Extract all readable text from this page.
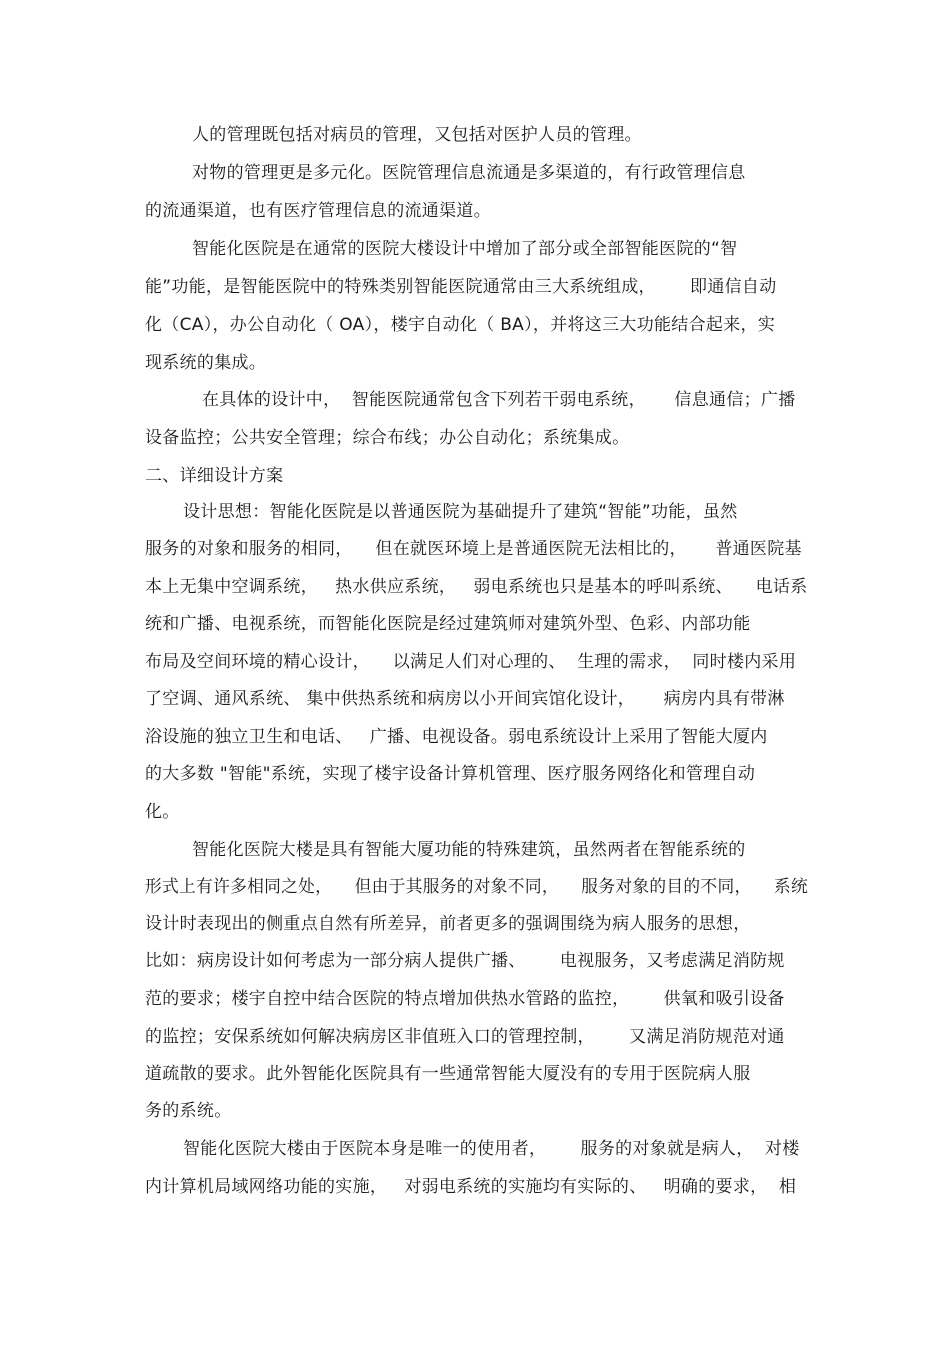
人的管理既包括对病员的管理，又包括对医护人员的管理。
对物的管理更是多元化。医院管理信息流通是多渠道的，有行政管理信息
的流通渠道，也有医疗管理信息的流通渠道。
智能化医院是在通常的医院大楼设计中增加了部分或全部智能医院的“智
能”功能，是智能医院中的特殊类别智能医院通常由三大系统组成，      即通信自动
化（CA），办公自动化（ OA），楼宇自动化（ BA），并将这三大功能结合起来，实
现系统的集成。
在具体的设计中，  智能医院通常包含下列若干弱电系统，     信息通信；广播
设备监控；公共安全管理；综合布线；办公自动化；系统集成。
二、详细设计方案
设计思想：智能化医院是以普通医院为基础提升了建筑“智能”功能，虽然
服务的对象和服务的相同，    但在就医环境上是普通医院无法相比的，     普通医院基
本上无集中空调系统，   热水供应系统，   弱电系统也只是基本的呼叫系统、    电话系
统和广播、电视系统，而智能化医院是经过建筑师对建筑外型、色彩、内部功能
布局及空间环境的精心设计，    以满足人们对心理的、  生理的需求，  同时楼内采用
了空调、通风系统、 集中供热系统和病房以小开间宾馆化设计，     病房内具有带淋
浴设施的独立卫生和电话、   广播、电视设备。弱电系统设计上采用了智能大厦内
的大多数 "智能"系统，实现了楼宇设备计算机管理、医疗服务网络化和管理自动
化。
智能化医院大楼是具有智能大厦功能的特殊建筑，虽然两者在智能系统的
形式上有许多相同之处，    但由于其服务的对象不同，    服务对象的目的不同，    系统
设计时表现出的侧重点自然有所差异，前者更多的强调围绕为病人服务的思想，
比如：病房设计如何考虑为一部分病人提供广播、      电视服务，又考虑满足消防规
范的要求；楼宇自控中结合医院的特点增加供热水管路的监控，      供氧和吸引设备
的监控；安保系统如何解决病房区非值班入口的管理控制，      又满足消防规范对通
道疏散的要求。此外智能化医院具有一些通常智能大厦没有的专用于医院病人服
务的系统。
智能化医院大楼由于医院本身是唯一的使用者，      服务的对象就是病人，  对楼
内计算机局域网络功能的实施，   对弱电系统的实施均有实际的、   明确的要求，  相
